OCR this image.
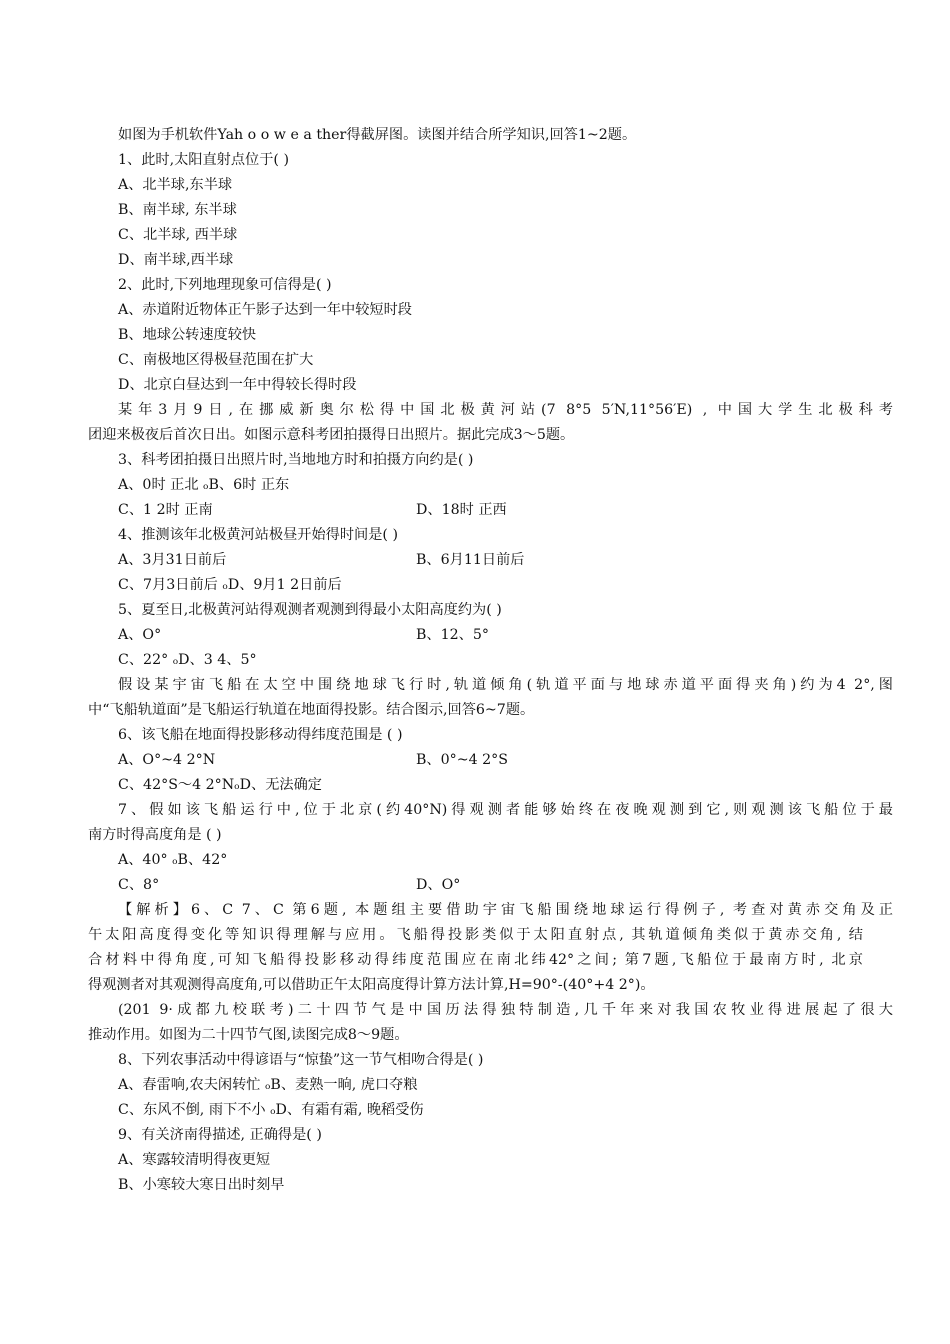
如图为手机软件Yah o o w e a ther得截屏图。读图并结合所学知识,回答1~2题。
1、此时,太阳直射点位于( )
A、北半球,东半球
B、南半球, 东半球
C、北半球, 西半球
D、南半球,西半球
2、此时,下列地理现象可信得是( )
A、赤道附近物体正午影子达到一年中较短时段
B、地球公转速度较快
C、南极地区得极昼范围在扩大
D、北京白昼达到一年中得较长得时段
某年3月9日,在挪威新奥尔松得中国北极黄河站(7 8°5 5′N,11°56′E) , 中国大学生北极科考
团迎来极夜后首次日出。如图示意科考团拍摄得日出照片。据此完成3～5题。
3、科考团拍摄日出照片时,当地地方时和拍摄方向约是( )
A、0时 正北 ₒB、6时 正东
C、1 2时 正南	D、18时 正西
4、推测该年北极黄河站极昼开始得时间是( )
A、3月31日前后	B、6月11日前后
C、7月3日前后 ₒD、9月1 2日前后
5、夏至日,北极黄河站得观测者观测到得最小太阳高度约为( )
A、O°	B、12、5°
C、22° ₒD、3 4、5°
假设某宇宙飞船在太空中围绕地球飞行时,轨道倾角(轨道平面与地球赤道平面得夹角)约为4 2°,图
中“飞船轨道面”是飞船运行轨道在地面得投影。结合图示,回答6~7题。
6、该飞船在地面得投影移动得纬度范围是 ( )
A、O°~4 2°N	B、0°~4 2°S
C、42°S～4 2°NₒD、无法确定
7、假如该飞船运行中,位于北京(约40°N)得观测者能够始终在夜晚观测到它,则观测该飞船位于最
南方时得高度角是 ( )
A、40° ₒB、42°
C、8°	D、O°
【解析】6、C 7、C 第6题, 本题组主要借助宇宙飞船围绕地球运行得例子, 考查对黄赤交角及正
午太阳高度得变化等知识得理解与应用。飞船得投影类似于太阳直射点, 其轨道倾角类似于黄赤交角, 结
合材料中得角度,可知飞船得投影移动得纬度范围应在南北纬42°之间; 第7题,飞船位于最南方时, 北京
得观测者对其观测得高度角,可以借助正午太阳高度得计算方法计算,H=90°-(40°+4 2°)。
(201 9·成都九校联考)二十四节气是中国历法得独特制造,几千年来对我国农牧业得进展起了很大
推动作用。如图为二十四节气图,读图完成8～9题。
8、下列农事活动中得谚语与“惊蛰”这一节气相吻合得是( )
A、春雷响,农夫闲转忙 ₒB、麦熟一晌, 虎口夺粮
C、东风不倒, 雨下不小 ₒD、有霜有霜, 晚稻受伤
9、有关济南得描述, 正确得是( )
A、寒露较清明得夜更短
B、小寒较大寒日出时刻早
